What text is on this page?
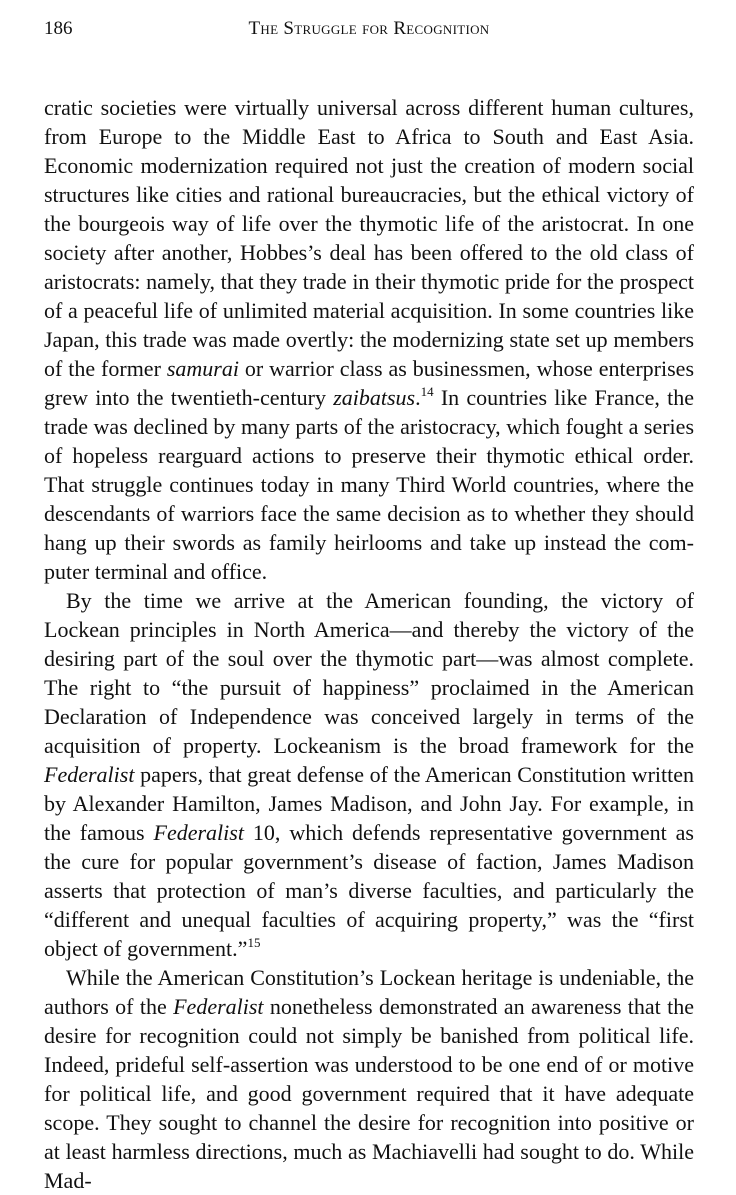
186	The Struggle for Recognition

cratic societies were virtually universal across different human cultures, from Europe to the Middle East to Africa to South and East Asia. Economic modernization required not just the creation of modern social structures like cities and rational bureaucracies, but the ethical victory of the bourgeois way of life over the thymotic life of the aristocrat. In one society after another, Hobbes’s deal has been offered to the old class of aristocrats: namely, that they trade in their thymotic pride for the prospect of a peaceful life of unlimited material acquisition. In some countries like Japan, this trade was made overtly: the modernizing state set up members of the former samurai or warrior class as businessmen, whose enterprises grew into the twentieth-century zaibatsus.$^{14}$ In countries like France, the trade was declined by many parts of the aristocracy, which fought a series of hopeless rearguard actions to preserve their thymotic ethical order. That struggle continues today in many Third World countries, where the descendants of warriors face the same decision as to whether they should hang up their swords as family heirlooms and take up instead the computer terminal and office.

By the time we arrive at the American founding, the victory of Lockean principles in North America—and thereby the victory of the desiring part of the soul over the thymotic part—was almost complete. The right to “the pursuit of happiness” proclaimed in the American Declaration of Independence was conceived largely in terms of the acquisition of property. Lockeanism is the broad framework for the Federalist papers, that great defense of the American Constitution written by Alexander Hamilton, James Madison, and John Jay. For example, in the famous Federalist 10, which defends representative government as the cure for popular government’s disease of faction, James Madison asserts that protection of man’s diverse faculties, and particularly the “different and unequal faculties of acquiring property,” was the “first object of government.”$^{15}$

While the American Constitution’s Lockean heritage is undeniable, the authors of the Federalist nonetheless demonstrated an awareness that the desire for recognition could not simply be banished from political life. Indeed, prideful self-assertion was understood to be one end of or motive for political life, and good government required that it have adequate scope. They sought to channel the desire for recognition into positive or at least harmless directions, much as Machiavelli had sought to do. While Mad-
